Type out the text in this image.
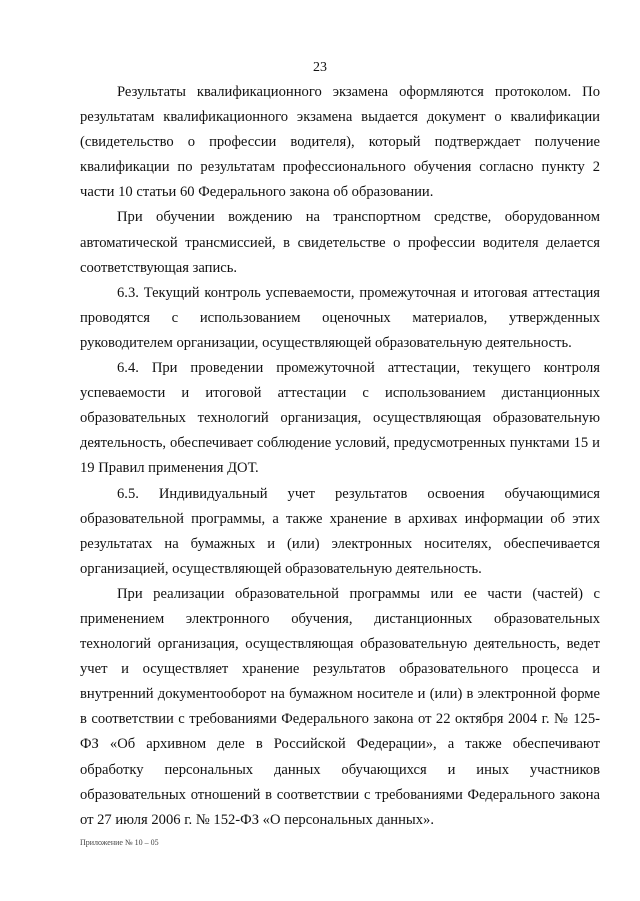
23

Результаты квалификационного экзамена оформляются протоколом. По результатам квалификационного экзамена выдается документ о квалификации (свидетельство о профессии водителя), который подтверждает получение квалификации по результатам профессионального обучения согласно пункту 2 части 10 статьи 60 Федерального закона об образовании.

При обучении вождению на транспортном средстве, оборудованном автоматической трансмиссией, в свидетельстве о профессии водителя делается соответствующая запись.

6.3. Текущий контроль успеваемости, промежуточная и итоговая аттестация проводятся с использованием оценочных материалов, утвержденных руководителем организации, осуществляющей образовательную деятельность.

6.4. При проведении промежуточной аттестации, текущего контроля успеваемости и итоговой аттестации с использованием дистанционных образовательных технологий организация, осуществляющая образовательную деятельность, обеспечивает соблюдение условий, предусмотренных пунктами 15 и 19 Правил применения ДОТ.

6.5. Индивидуальный учет результатов освоения обучающимися образовательной программы, а также хранение в архивах информации об этих результатах на бумажных и (или) электронных носителях, обеспечивается организацией, осуществляющей образовательную деятельность.

При реализации образовательной программы или ее части (частей) с применением электронного обучения, дистанционных образовательных технологий организация, осуществляющая образовательную деятельность, ведет учет и осуществляет хранение результатов образовательного процесса и внутренний документооборот на бумажном носителе и (или) в электронной форме в соответствии с требованиями Федерального закона от 22 октября 2004 г. № 125-ФЗ «Об архивном деле в Российской Федерации», а также обеспечивают обработку персональных данных обучающихся и иных участников образовательных отношений в соответствии с требованиями Федерального закона от 27 июля 2006 г. № 152-ФЗ «О персональных данных».

Приложение № 10 – 05
